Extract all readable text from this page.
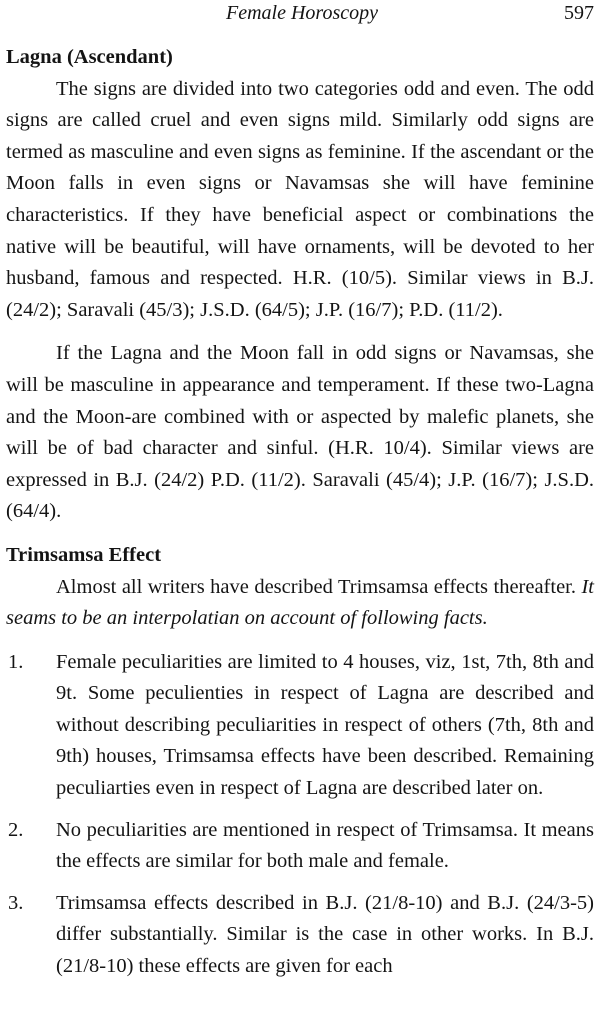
Female Horoscopy	597
Lagna (Ascendant)

The signs are divided into two categories odd and even. The odd signs are called cruel and even signs mild. Similarly odd signs are termed as masculine and even signs as feminine. If the ascendant or the Moon falls in even signs or Navamsas she will have feminine characteristics. If they have beneficial aspect or combinations the native will be beautiful, will have ornaments, will be devoted to her husband, famous and respected. H.R. (10/5). Similar views in B.J. (24/2); Saravali (45/3); J.S.D. (64/5); J.P. (16/7); P.D. (11/2).

If the Lagna and the Moon fall in odd signs or Navamsas, she will be masculine in appearance and temperament. If these two-Lagna and the Moon-are combined with or aspected by malefic planets, she will be of bad character and sinful. (H.R. 10/4). Similar views are expressed in B.J. (24/2) P.D. (11/2). Saravali (45/4); J.P. (16/7); J.S.D. (64/4).

Trimsamsa Effect

Almost all writers have described Trimsamsa effects thereafter. It seams to be an interpolatian on account of following facts.

1. Female peculiarities are limited to 4 houses, viz, 1st, 7th, 8th and 9t. Some peculienties in respect of Lagna are described and without describing peculiarities in respect of others (7th, 8th and 9th) houses, Trimsamsa effects have been described. Remaining peculiarties even in respect of Lagna are described later on.
2. No peculiarities are mentioned in respect of Trimsamsa. It means the effects are similar for both male and female.
3. Trimsamsa effects described in B.J. (21/8-10) and B.J. (24/3-5) differ substantially. Similar is the case in other works. In B.J. (21/8-10) these effects are given for each
